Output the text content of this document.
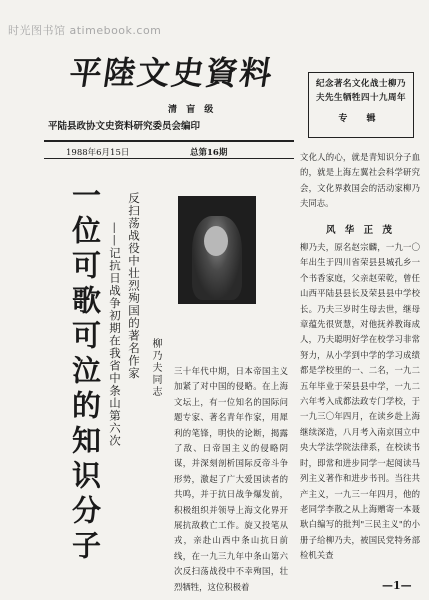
时光图书馆 atimebook.com
平陸文史資料
清 盲 级
平陆县政协文史资料研究委员会编印
1988年6月15日	总第16期
纪念著名文化战士柳乃夫先生牺牲四十九周年
专 辑
一位可歌可泣的知识分子 ——记抗日战争初期在我省中条山第六次 反扫荡战役中壮烈殉国的著名作家 柳乃夫同志 三十年代中期，日本帝国主义加紧了对中国的侵略。在上海文坛上，有一位知名的国际问题专家、著名青年作家，用犀利的笔锋，明快的论断，揭露了敌、日帝国主义的侵略阴谋，并深刻剖析国际反帝斗争形势，激起了广大爱国读者的共鸣，并于抗日战争爆发前，积极组织并领导上海文化界开展抗敌救亡工作。旋又投笔从戎，亲赴山西中条山抗日前线，在一九三九年中条山第六次反扫荡战役中不幸殉国，壮烈牺牲，这位积极着

文化人的心，就是青知识分子血的，就是上海左翼社会科学研究会，文化界救国会的活动家柳乃夫同志。

风 华 正 茂

柳乃夫，原名赵宗麟，一九一〇年出生于四川省荣县县城孔乡一个书香家庭，父亲赵荣乾，曾任山西平陆县县长及荣县县中学校长。乃夫三岁时生母去世，继母章蕴先很贤慧，对他抚养教诲成人，乃夫聪明好学在校学习非常努力，从小学到中学的学习成绩都是学校里的一、二名，一九二五年毕业于荣县县中学，一九二六年考入成都法政专门学校，于一九三〇年四月，在读乡赴上海继续深造，八月考入南京国立中央大学法学院法律系，在校读书时，即常和进步同学一起阅读马列主义著作和进步书刊。当往共产主义，一九三一年四月，他的老同学李散之从上海赠寄一本聂耿白编写的批判"三民主义"的小册子给柳乃夫，被国民党特务部检机关查

—1—
